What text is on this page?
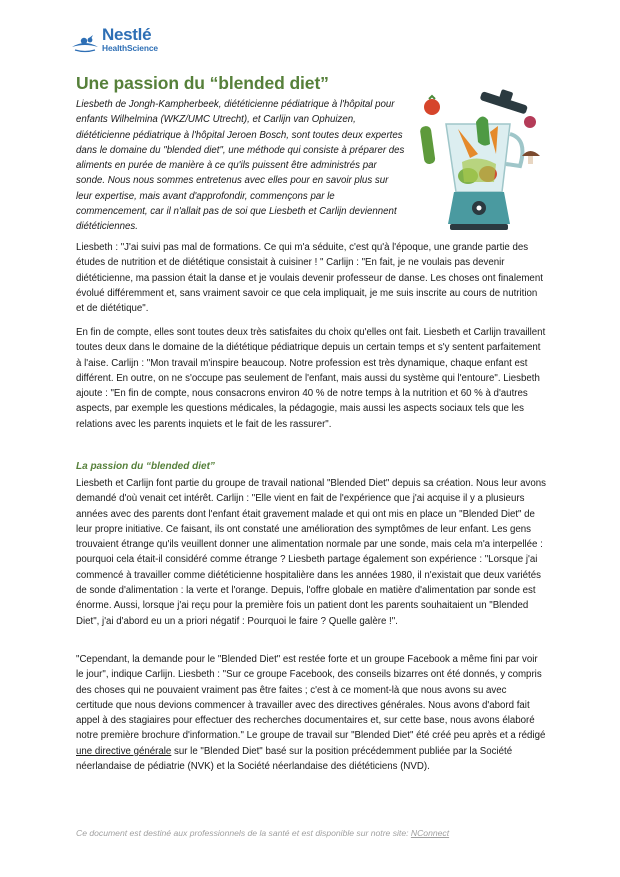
Nestlé
HealthScience
Une passion du “blended diet”

Liesbeth de Jongh-Kampherbeek, diététicienne pédiatrique à l'hôpital pour enfants Wilhelmina (WKZ/UMC Utrecht), et Carlijn van Ophuizen, diététicienne pédiatrique à l'hôpital Jeroen Bosch, sont toutes deux expertes dans le domaine du "blended diet", une méthode qui consiste à préparer des aliments en purée de manière à ce qu'ils puissent être administrés par sonde. Nous nous sommes entretenus avec elles pour en savoir plus sur leur expertise, mais avant d'approfondir, commençons par le commencement, car il n'allait pas de soi que Liesbeth et Carlijn deviennent diététiciennes.

Liesbeth : "J'ai suivi pas mal de formations. Ce qui m'a séduite, c'est qu'à l'époque, une grande partie des études de nutrition et de diététique consistait à cuisiner ! " Carlijn : "En fait, je ne voulais pas devenir diététicienne, ma passion était la danse et je voulais devenir professeur de danse. Les choses ont finalement évolué différemment et, sans vraiment savoir ce que cela impliquait, je me suis inscrite au cours de nutrition et de diététique".

En fin de compte, elles sont toutes deux très satisfaites du choix qu'elles ont fait. Liesbeth et Carlijn travaillent toutes deux dans le domaine de la diététique pédiatrique depuis un certain temps et s'y sentent parfaitement à l'aise. Carlijn : "Mon travail m'inspire beaucoup. Notre profession est très dynamique, chaque enfant est différent. En outre, on ne s'occupe pas seulement de l'enfant, mais aussi du système qui l'entoure". Liesbeth ajoute : "En fin de compte, nous consacrons environ 40 % de notre temps à la nutrition et 60 % à d'autres aspects, par exemple les questions médicales, la pédagogie, mais aussi les aspects sociaux tels que les relations avec les parents inquiets et le fait de les rassurer".

La passion du “blended diet”

Liesbeth et Carlijn font partie du groupe de travail national "Blended Diet" depuis sa création. Nous leur avons demandé d'où venait cet intérêt. Carlijn : "Elle vient en fait de l'expérience que j'ai acquise il y a plusieurs années avec des parents dont l'enfant était gravement malade et qui ont mis en place un "Blended Diet" de leur propre initiative. Ce faisant, ils ont constaté une amélioration des symptômes de leur enfant. Les gens trouvaient étrange qu'ils veuillent donner une alimentation normale par une sonde, mais cela m'a interpellée : pourquoi cela était-il considéré comme étrange ? Liesbeth partage également son expérience : "Lorsque j'ai commencé à travailler comme diététicienne hospitalière dans les années 1980, il n'existait que deux variétés de sonde d'alimentation : la verte et l'orange. Depuis, l'offre globale en matière d'alimentation par sonde est énorme. Aussi, lorsque j'ai reçu pour la première fois un patient dont les parents souhaitaient un "Blended Diet", j'ai d'abord eu un a priori négatif : Pourquoi le faire ? Quelle galère !".

"Cependant, la demande pour le "Blended Diet" est restée forte et un groupe Facebook a même fini par voir le jour", indique Carlijn. Liesbeth : "Sur ce groupe Facebook, des conseils bizarres ont été donnés, y compris des choses qui ne pouvaient vraiment pas être faites ; c'est à ce moment-là que nous avons su avec certitude que nous devions commencer à travailler avec des directives générales. Nous avons d'abord fait appel à des stagiaires pour effectuer des recherches documentaires et, sur cette base, nous avons élaboré notre première brochure d'information." Le groupe de travail sur "Blended Diet" été créé peu après et a rédigé une directive générale sur le "Blended Diet" basé sur la position précédemment publiée par la Société néerlandaise de pédiatrie (NVK) et la Société néerlandaise des diététiciens (NVD).

Ce document est destiné aux professionnels de la santé et est disponible sur notre site: NConnect
